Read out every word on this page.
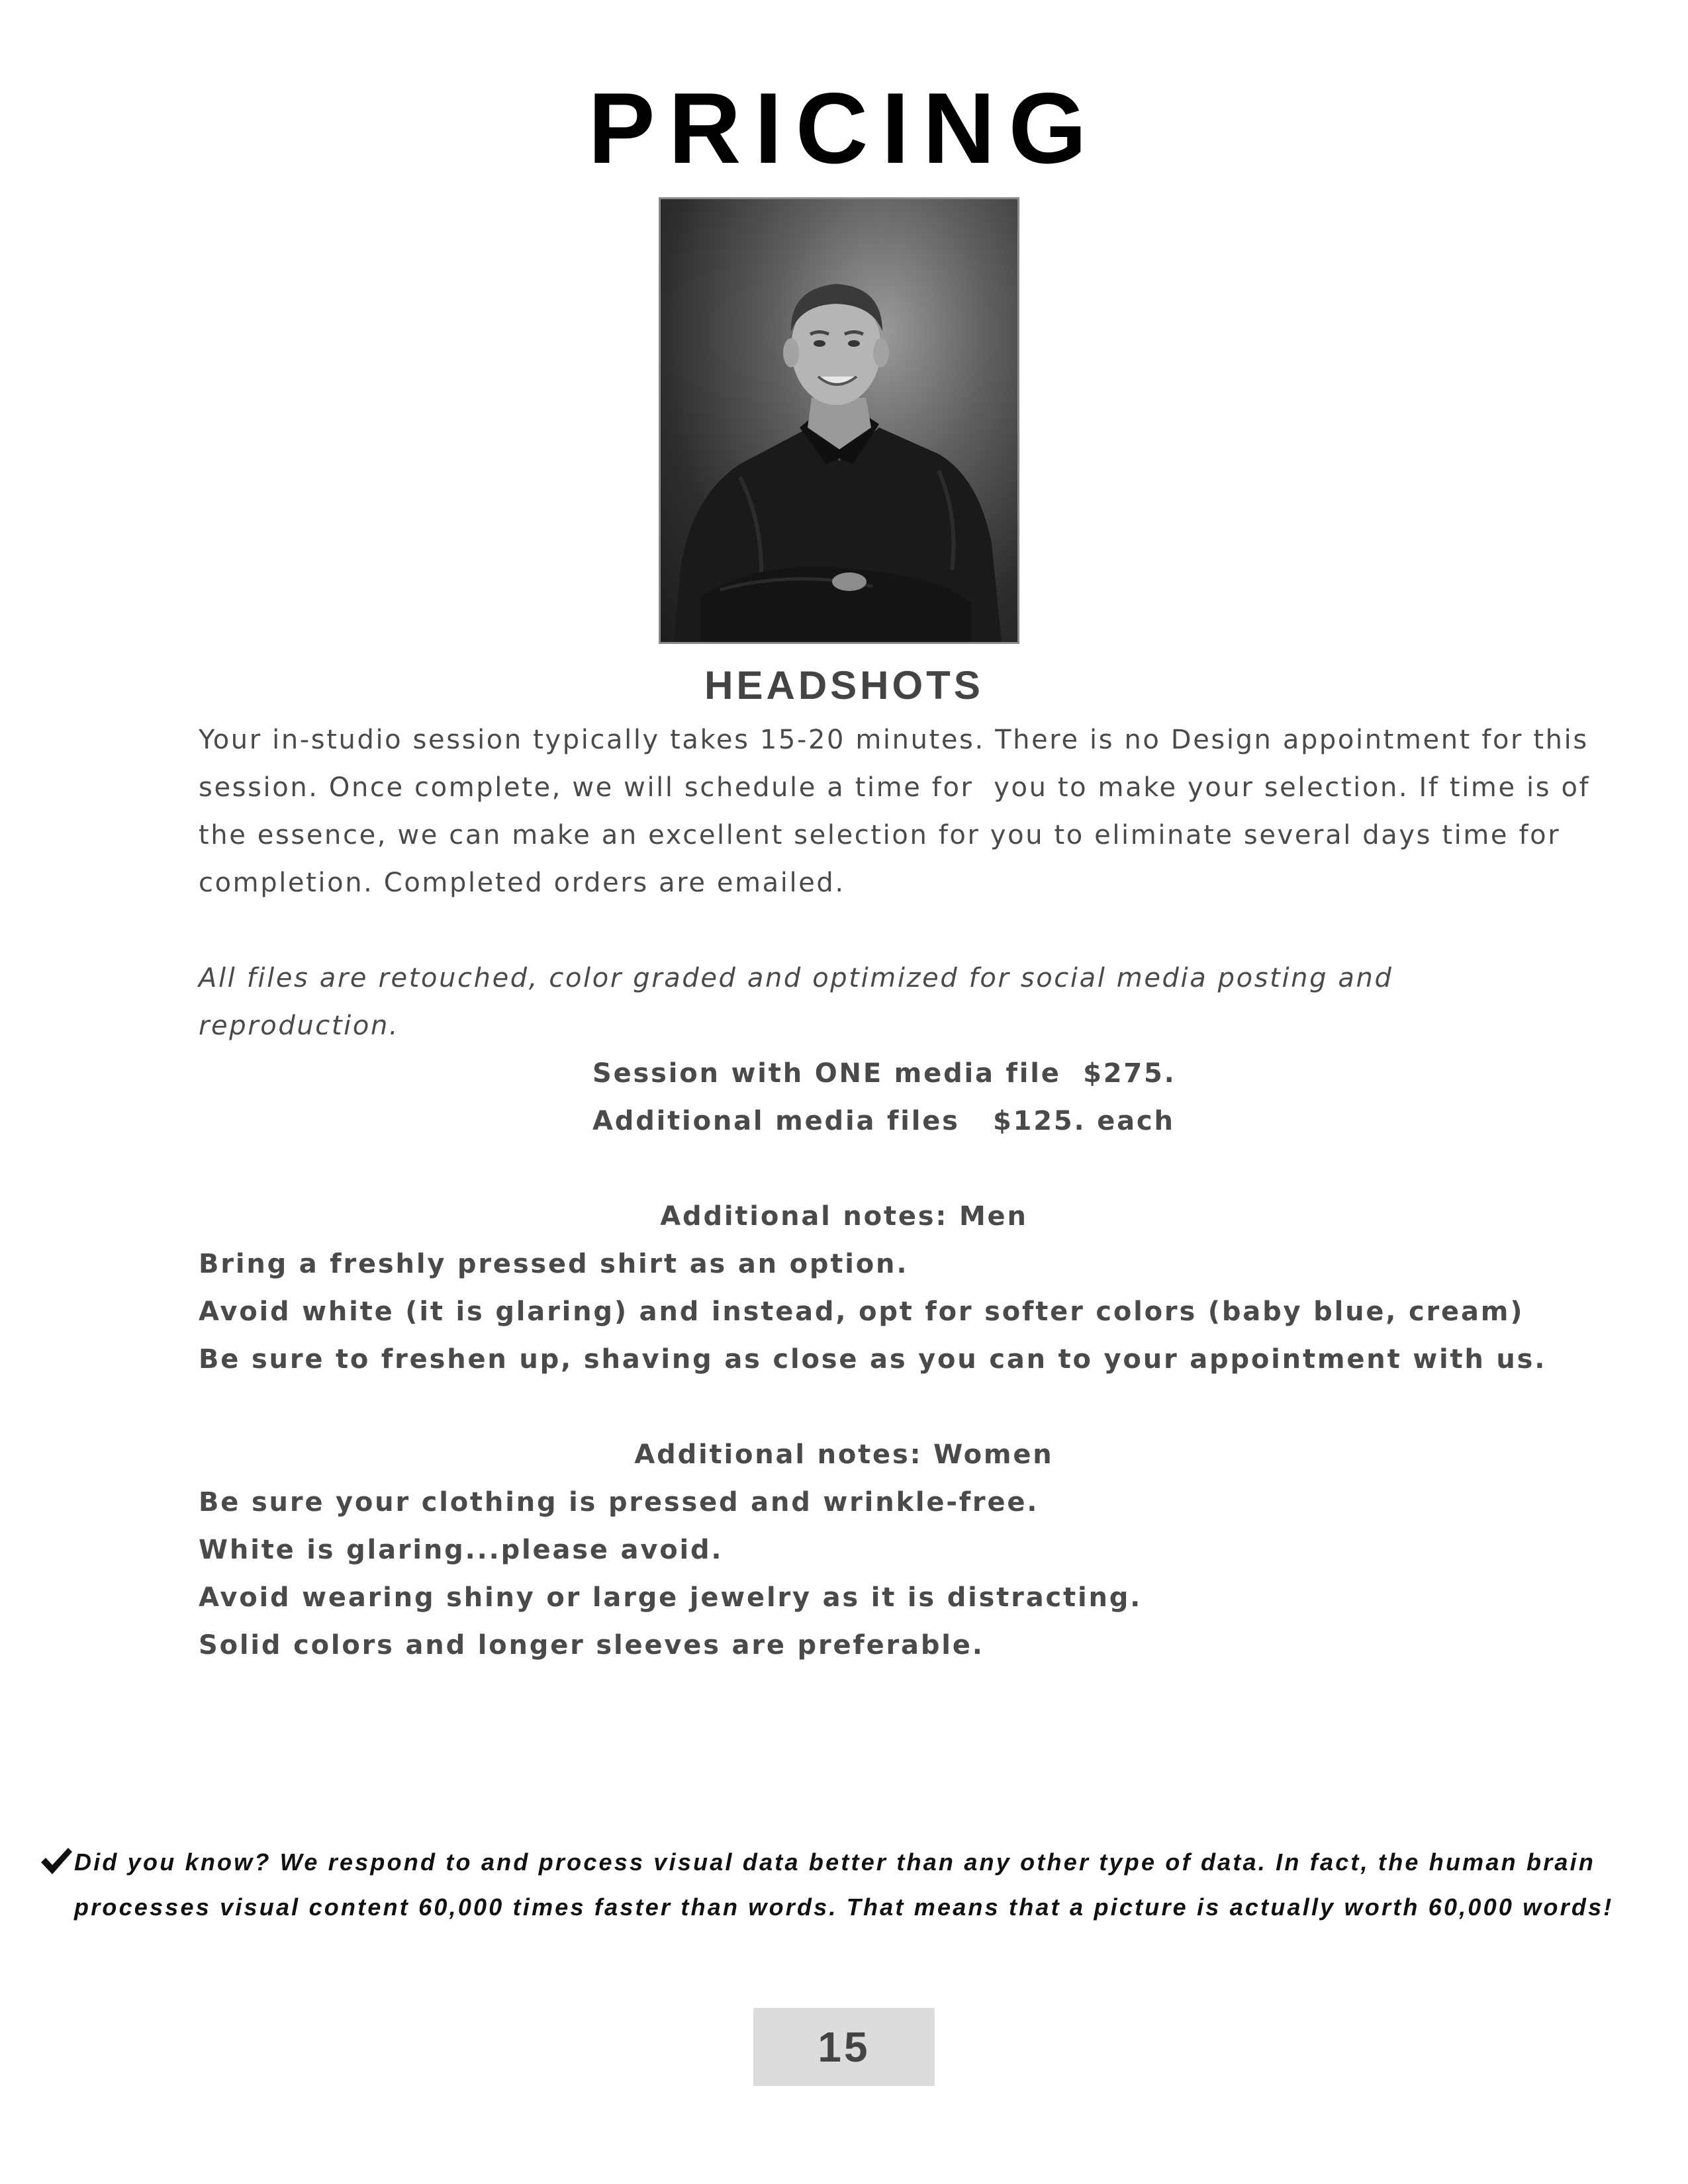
PRICING
HEADSHOTS

Your in-studio session typically takes 15-20 minutes. There is no Design appointment for this
session. Once complete, we will schedule a time for  you to make your selection. If time is of
the essence, we can make an excellent selection for you to eliminate several days time for
completion. Completed orders are emailed.

All files are retouched, color graded and optimized for social media posting and
reproduction.

Session with ONE media file  $275.
Additional media files   $125. each
Additional notes: Men
Bring a freshly pressed shirt as an option.
Avoid white (it is glaring) and instead, opt for softer colors (baby blue, cream)
Be sure to freshen up, shaving as close as you can to your appointment with us.
Additional notes: Women
Be sure your clothing is pressed and wrinkle-free.
White is glaring...please avoid.
Avoid wearing shiny or large jewelry as it is distracting.
Solid colors and longer sleeves are preferable.
Did you know? We respond to and process visual data better than any other type of data. In fact, the human brain
processes visual content 60,000 times faster than words. That means that a picture is actually worth 60,000 words!
15
